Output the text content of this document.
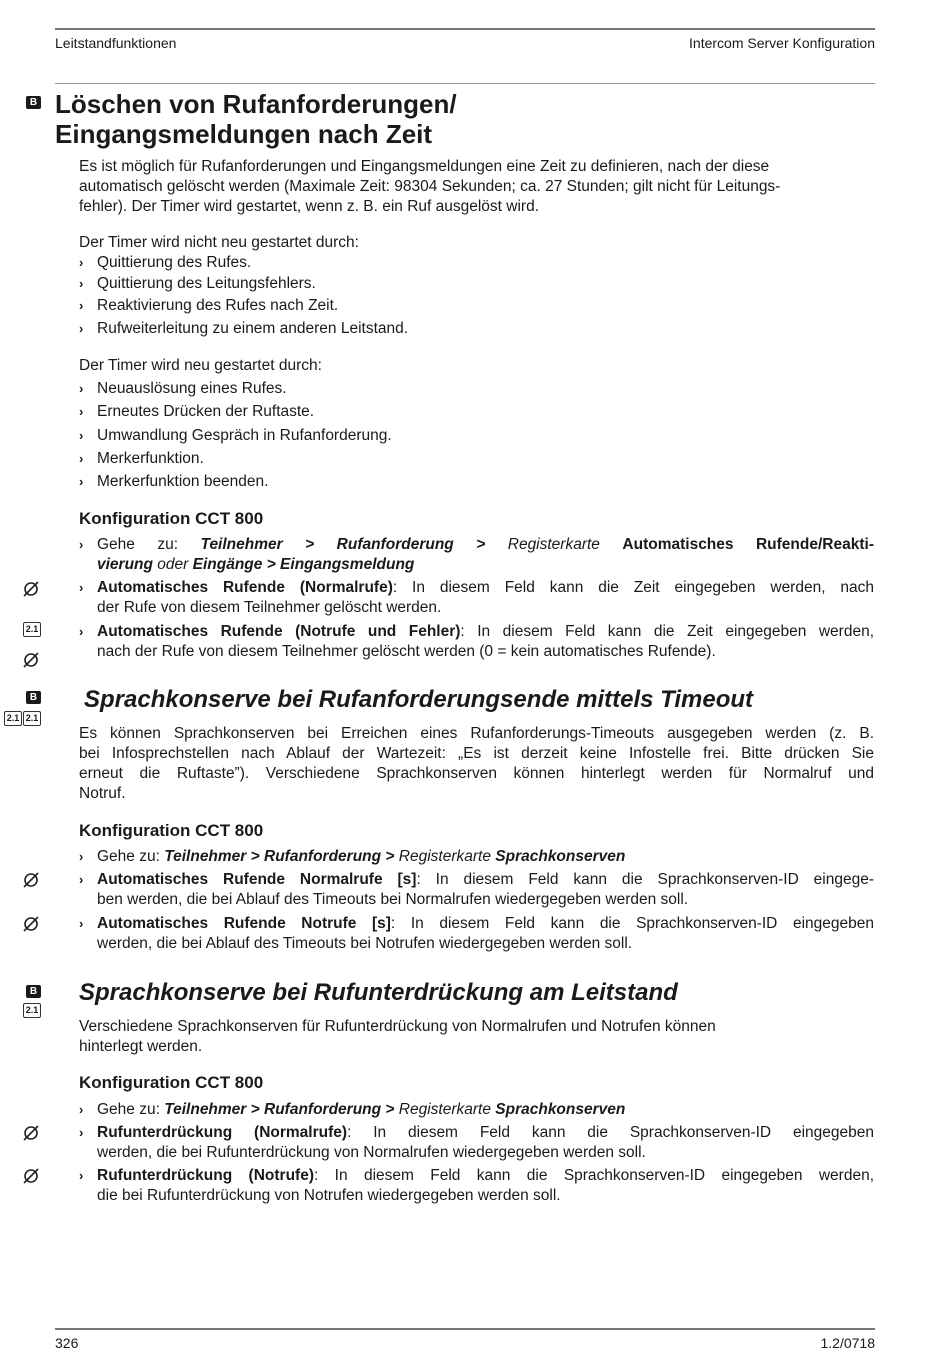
Leitstandfunktionen	Intercom Server Konfiguration
326	1.2/0718
B Löschen von Rufanforderungen/
Eingangsmeldungen nach Zeit
Es ist möglich für Rufanforderungen und Eingangsmeldungen eine Zeit zu definieren, nach der diese
automatisch gelöscht werden (Maximale Zeit: 98304 Sekunden; ca. 27 Stunden; gilt nicht für Leitungs-
fehler). Der Timer wird gestartet, wenn z. B. ein Ruf ausgelöst wird.
Der Timer wird nicht neu gestartet durch:
› Quittierung des Rufes.
› Quittierung des Leitungsfehlers.
› Reaktivierung des Rufes nach Zeit.
› Rufweiterleitung zu einem anderen Leitstand.
Der Timer wird neu gestartet durch:
› Neuauslösung eines Rufes.
› Erneutes Drücken der Ruftaste.
› Umwandlung Gespräch in Rufanforderung.
› Merkerfunktion.
› Merkerfunktion beenden.
Konfiguration CCT 800
› Gehe zu: Teilnehmer > Rufanforderung > Registerkarte Automatisches Rufende/Reakti-
vierung oder Eingänge > Eingangsmeldung
› Automatisches Rufende (Normalrufe): In diesem Feld kann die Zeit eingegeben werden, nach
der Rufe von diesem Teilnehmer gelöscht werden.
2.1	› Automatisches Rufende (Notrufe und Fehler): In diesem Feld kann die Zeit eingegeben werden,
nach der Rufe von diesem Teilnehmer gelöscht werden (0 = kein automatisches Rufende).
B
2.1 2.1
Sprachkonserve bei Rufanforderungsende mittels Timeout
Es können Sprachkonserven bei Erreichen eines Rufanforderungs-Timeouts ausgegeben werden (z. B.
bei Infosprechstellen nach Ablauf der Wartezeit: „Es ist derzeit keine Infostelle frei. Bitte drücken Sie
erneut die Ruftaste”). Verschiedene Sprachkonserven können hinterlegt werden für Normalruf und
Notruf.
Konfiguration CCT 800
› Gehe zu: Teilnehmer > Rufanforderung > Registerkarte Sprachkonserven
› Automatisches Rufende Normalrufe [s]: In diesem Feld kann die Sprachkonserven-ID eingege-
ben werden, die bei Ablauf des Timeouts bei Normalrufen wiedergegeben werden soll.
› Automatisches Rufende Notrufe [s]: In diesem Feld kann die Sprachkonserven-ID eingegeben
werden, die bei Ablauf des Timeouts bei Notrufen wiedergegeben werden soll.
B
2.1
Sprachkonserve bei Rufunterdrückung am Leitstand
Verschiedene Sprachkonserven für Rufunterdrückung von Normalrufen und Notrufen können
hinterlegt werden.
Konfiguration CCT 800
› Gehe zu: Teilnehmer > Rufanforderung > Registerkarte Sprachkonserven
› Rufunterdrückung (Normalrufe): In diesem Feld kann die Sprachkonserven-ID eingegeben
werden, die bei Rufunterdrückung von Normalrufen wiedergegeben werden soll.
› Rufunterdrückung (Notrufe): In diesem Feld kann die Sprachkonserven-ID eingegeben werden,
die bei Rufunterdrückung von Notrufen wiedergegeben werden soll.
